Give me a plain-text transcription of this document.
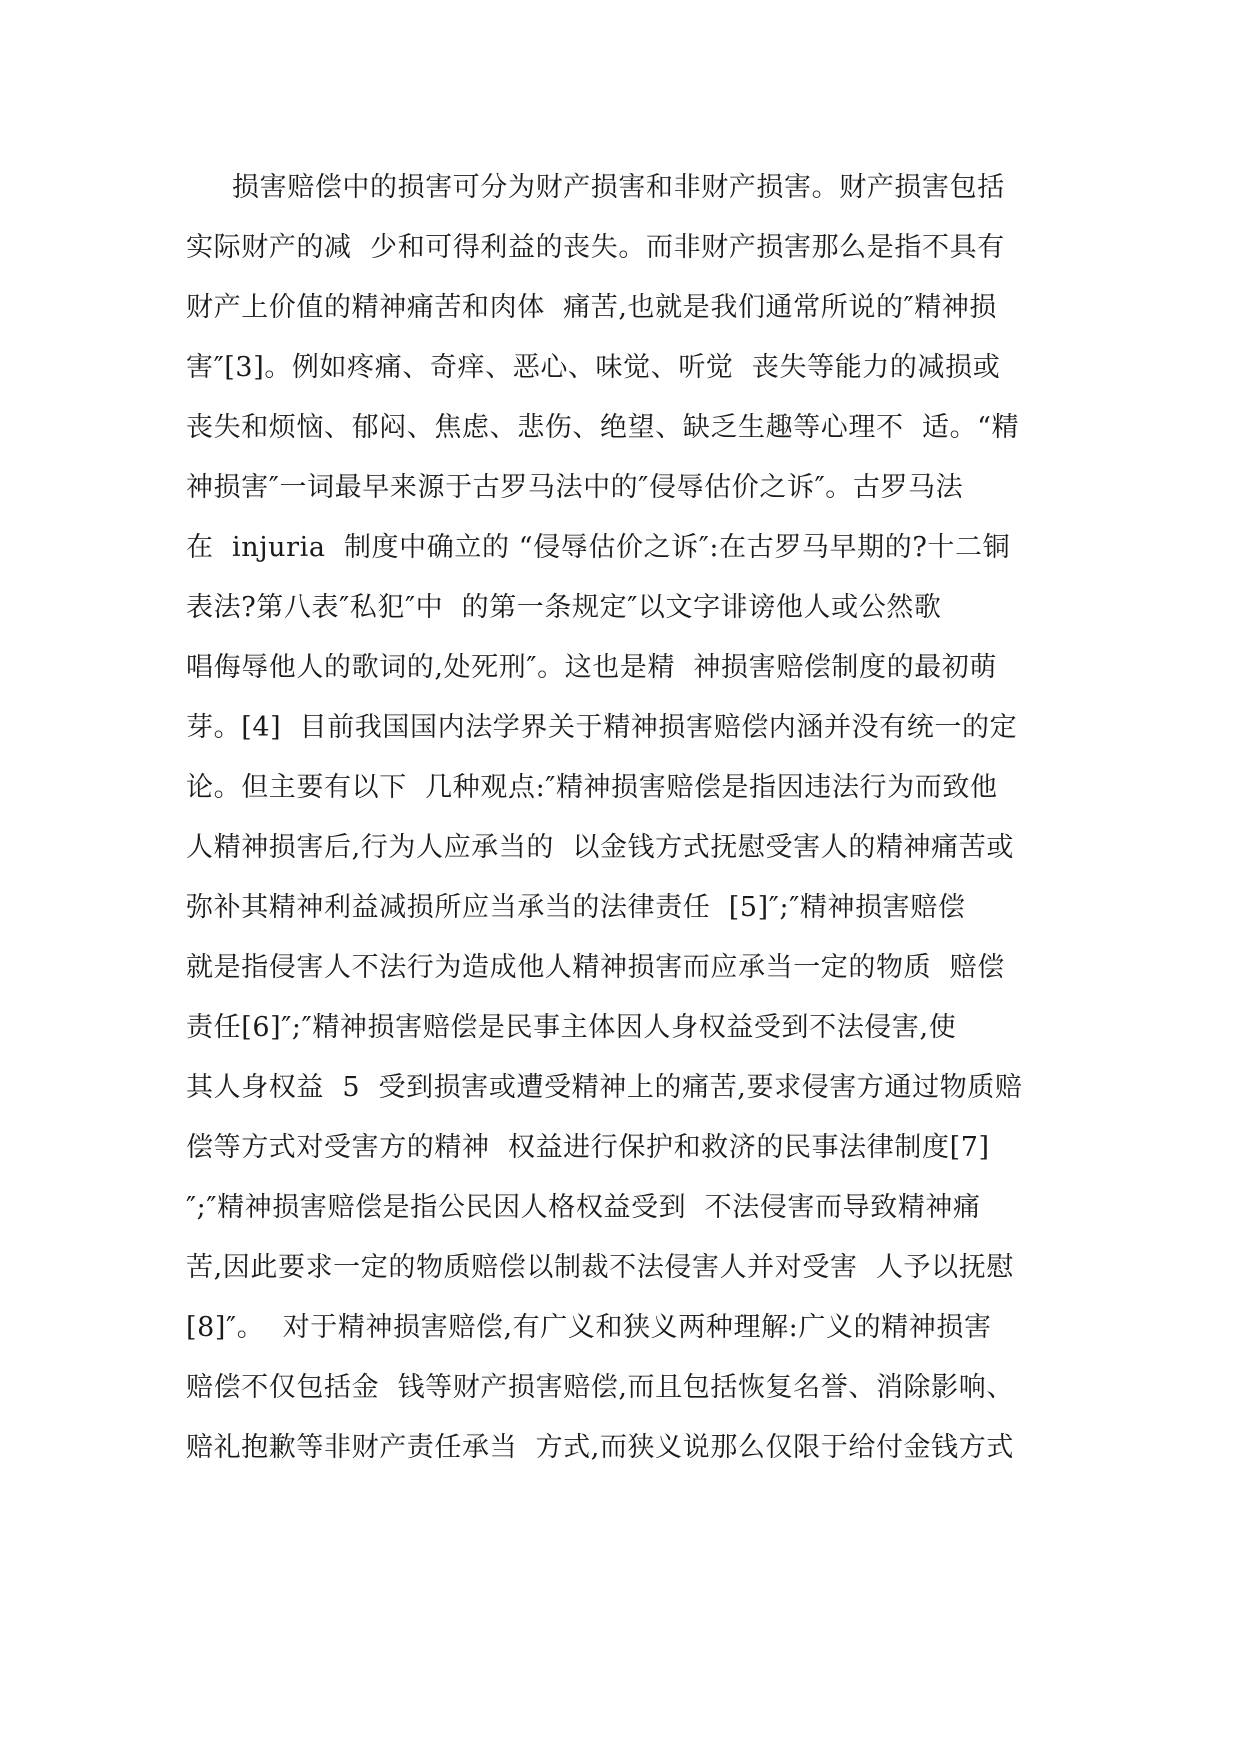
损害赔偿中的损害可分为财产损害和非财产损害。财产损害包括
实际财产的减  少和可得利益的丧失。而非财产损害那么是指不具有
财产上价值的精神痛苦和肉体  痛苦,也就是我们通常所说的″精神损
害″[3]。例如疼痛、奇痒、恶心、味觉、听觉  丧失等能力的减损或
丧失和烦恼、郁闷、焦虑、悲伤、绝望、缺乏生趣等心理不  适。“精
神损害″一词最早来源于古罗马法中的″侵辱估价之诉″。古罗马法
在  injuria  制度中确立的 “侵辱估价之诉″:在古罗马早期的?十二铜
表法?第八表″私犯″中  的第一条规定″以文字诽谤他人或公然歌
唱侮辱他人的歌词的,处死刑″。这也是精  神损害赔偿制度的最初萌
芽。[4]  目前我国国内法学界关于精神损害赔偿内涵并没有统一的定
论。但主要有以下  几种观点:″精神损害赔偿是指因违法行为而致他
人精神损害后,行为人应承当的  以金钱方式抚慰受害人的精神痛苦或
弥补其精神利益减损所应当承当的法律责任  [5]″;″精神损害赔偿
就是指侵害人不法行为造成他人精神损害而应承当一定的物质  赔偿
责任[6]″;″精神损害赔偿是民事主体因人身权益受到不法侵害,使
其人身权益  5  受到损害或遭受精神上的痛苦,要求侵害方通过物质赔
偿等方式对受害方的精神  权益进行保护和救济的民事法律制度[7]
″;″精神损害赔偿是指公民因人格权益受到  不法侵害而导致精神痛
苦,因此要求一定的物质赔偿以制裁不法侵害人并对受害  人予以抚慰
[8]″。  对于精神损害赔偿,有广义和狭义两种理解:广义的精神损害
赔偿不仅包括金  钱等财产损害赔偿,而且包括恢复名誉、消除影响、
赔礼抱歉等非财产责任承当  方式,而狭义说那么仅限于给付金钱方式
